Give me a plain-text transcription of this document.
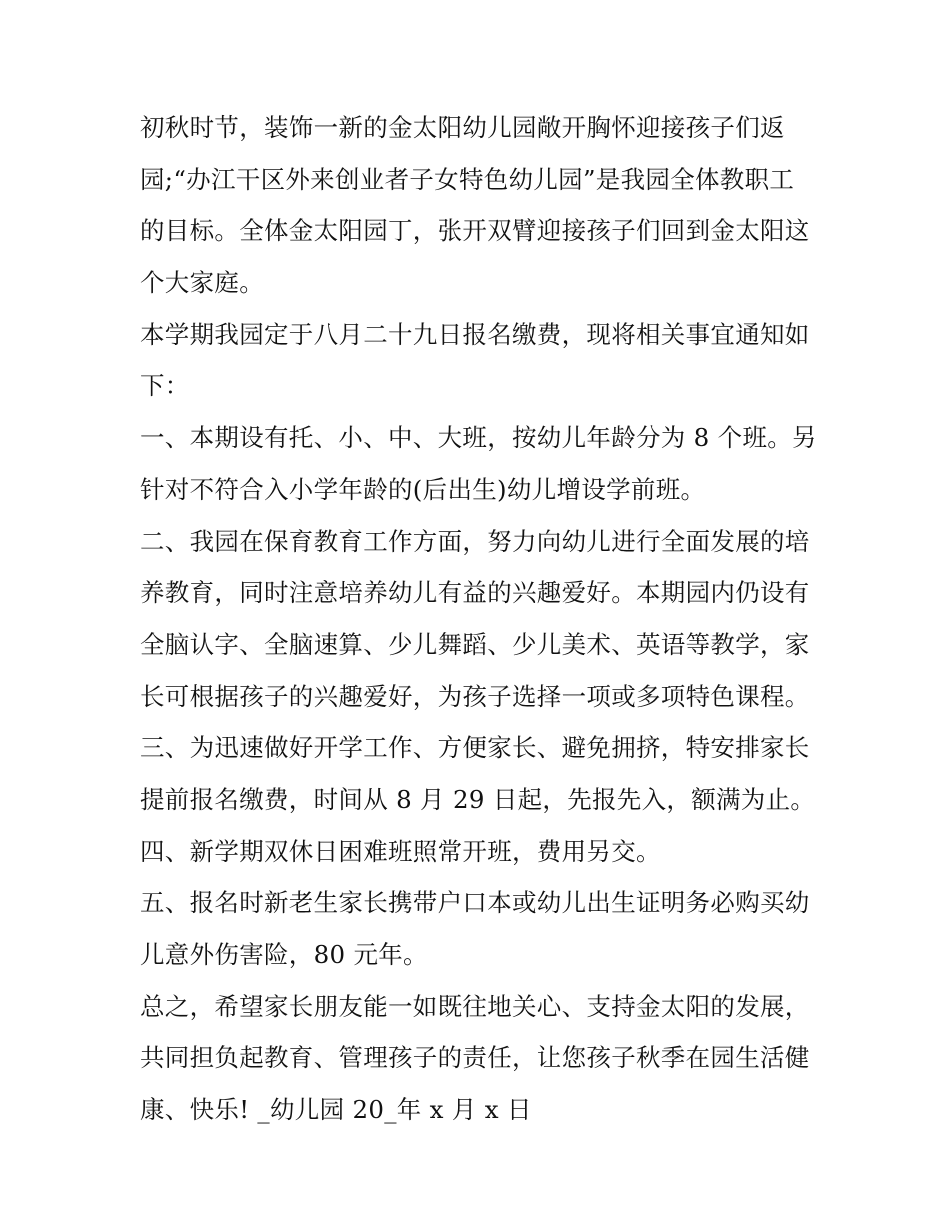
初秋时节，装饰一新的金太阳幼儿园敞开胸怀迎接孩子们返
园;“办江干区外来创业者子女特色幼儿园”是我园全体教职工
的目标。全体金太阳园丁，张开双臂迎接孩子们回到金太阳这
个大家庭。
本学期我园定于八月二十九日报名缴费，现将相关事宜通知如
下：
一、本期设有托、小、中、大班，按幼儿年龄分为 8 个班。另
针对不符合入小学年龄的(后出生)幼儿增设学前班。
二、我园在保育教育工作方面，努力向幼儿进行全面发展的培
养教育，同时注意培养幼儿有益的兴趣爱好。本期园内仍设有
全脑认字、全脑速算、少儿舞蹈、少儿美术、英语等教学，家
长可根据孩子的兴趣爱好，为孩子选择一项或多项特色课程。
三、为迅速做好开学工作、方便家长、避免拥挤，特安排家长
提前报名缴费，时间从 8 月 29 日起，先报先入，额满为止。
四、新学期双休日困难班照常开班，费用另交。
五、报名时新老生家长携带户口本或幼儿出生证明务必购买幼
儿意外伤害险，80 元年。
总之，希望家长朋友能一如既往地关心、支持金太阳的发展，
共同担负起教育、管理孩子的责任，让您孩子秋季在园生活健
康、快乐! _幼儿园 20_年 x 月 x 日
